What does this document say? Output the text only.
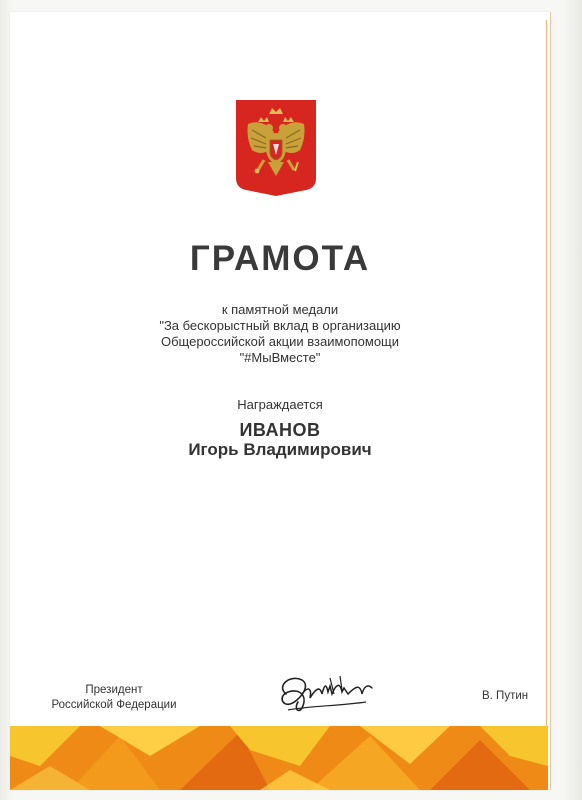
ГРАМОТА
к памятной медали
"За бескорыстный вклад в организацию
Общероссийской акции взаимопомощи
"#МыВместе"
Награждается
ИВАНОВ
Игорь Владимирович
Президент
Российской Федерации
В. Путин
